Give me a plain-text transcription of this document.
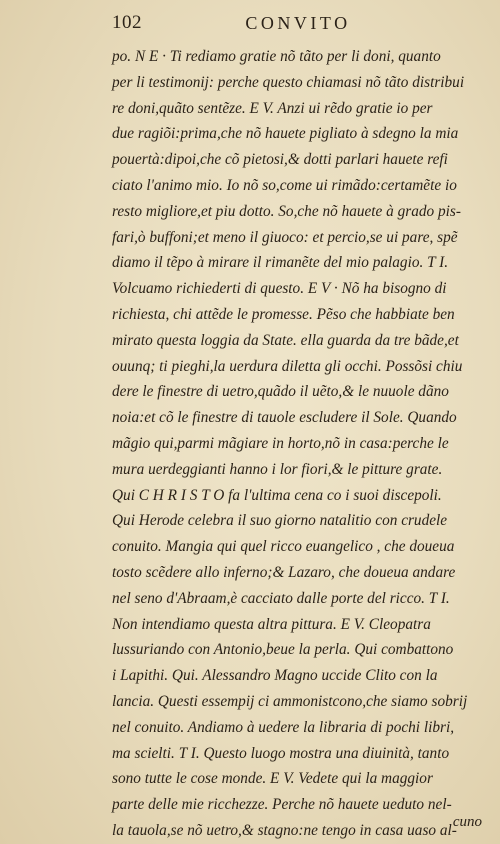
102	CONVITO
po. N E · Ti rediamo gratie nõ tãto per li doni, quanto
per li testimonij: perche questo chiamasi nõ tãto distribui
re doni,quãto sentẽze. E V. Anzi ui rẽdo gratie io per
due ragiõi:prima,che nõ hauete pigliato à sdegno la mia
pouertà:dipoi,che cõ pietosi,& dotti parlari hauete refi
ciato l'animo mio. Io nõ so,come ui rimãdo:certamẽte io
resto migliore,et piu dotto. So,che nõ hauete à grado pis-
fari,ò buffoni;et meno il giuoco: et percio,se ui pare, spẽ
diamo il tẽpo à mirare il rimanẽte del mio palagio. T I.
Volcuamo richiederti di questo. E V · Nõ ha bisogno di
richiesta, chi attẽde le promesse. Pẽso che habbiate ben
mirato questa loggia da State. ella guarda da tre bãde,et
ouunq; ti pieghi,la uerdura diletta gli occhi. Possõsi chiu
dere le finestre di uetro,quãdo il uẽto,& le nuuole dãno
noia:et cõ le finestre di tauole escludere il Sole. Quando
mãgio qui,parmi mãgiare in horto,nõ in casa:perche le
mura uerdeggianti hanno i lor fiori,& le pitture grate.
Qui C H R I S T O fa l'ultima cena co i suoi discepoli.
Qui Herode celebra il suo giorno natalitio con crudele
conuito. Mangia qui quel ricco euangelico , che doueua
tosto scẽdere allo inferno;& Lazaro, che doueua andare
nel seno d'Abraam,è cacciato dalle porte del ricco. T I.
Non intendiamo questa altra pittura. E V. Cleopatra
lussuriando con Antonio,beue la perla. Qui combattono
i Lapithi. Qui. Alessandro Magno uccide Clito con la
lancia. Questi essempij ci ammonistcono,che siamo sobrij
nel conuito. Andiamo à uedere la libraria di pochi libri,
ma scielti. T I. Questo luogo mostra una diuinità, tanto
sono tutte le cose monde. E V. Vedete qui la maggior
parte delle mie ricchezze. Perche nõ hauete ueduto nel-
la tauola,se nõ uetro,& stagno:ne tengo in casa uaso al-
cuno
